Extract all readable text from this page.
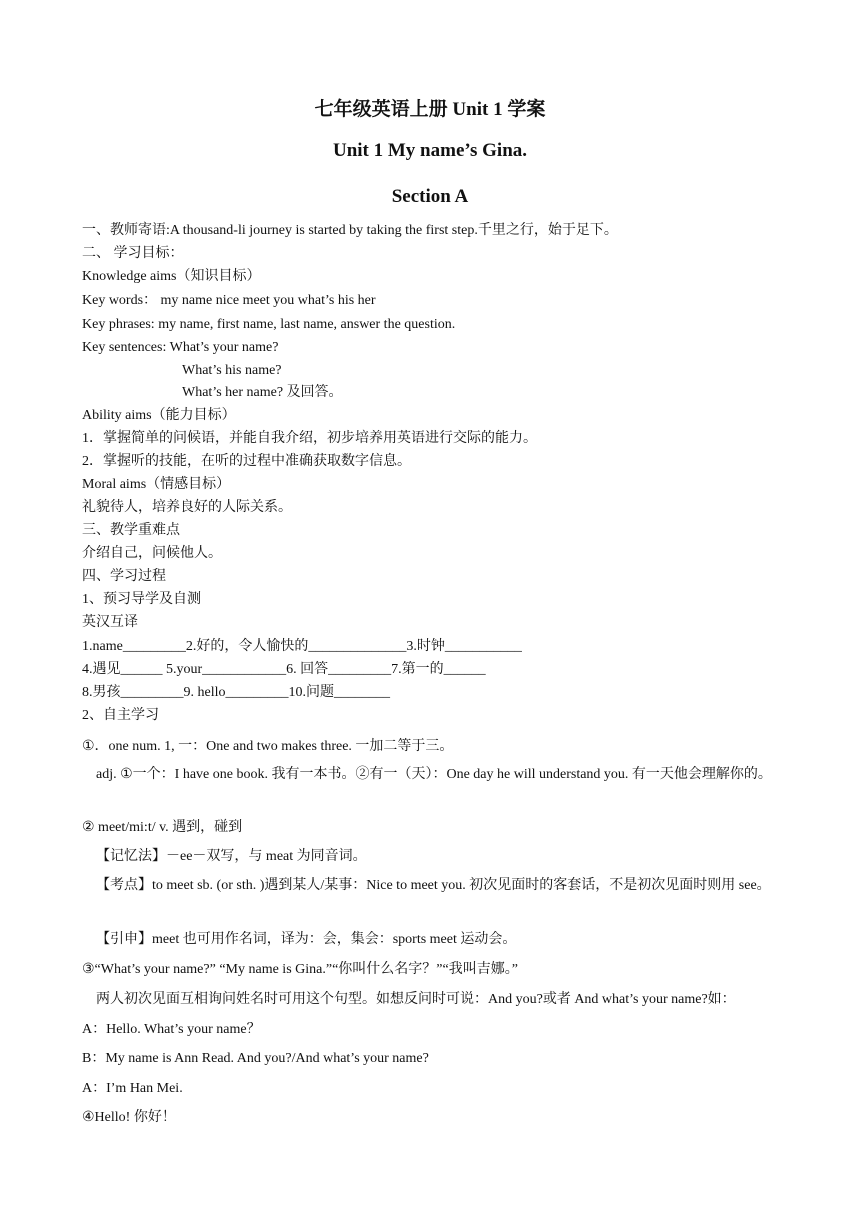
七年级英语上册 Unit 1 学案
Unit 1 My name’s Gina.
Section A
一、教师寄语:A thousand-li journey is started by taking the first step.千里之行，始于足下。
二、 学习目标：
Knowledge aims（知识目标）
Key words： my name nice meet you what’s his her
Key phrases: my name, first name, last name, answer the question.
Key sentences: What’s your name?
What’s his name?
What’s her name? 及回答。
Ability aims（能力目标）
1．掌握简单的问候语，并能自我介绍，初步培养用英语进行交际的能力。
2．掌握听的技能，在听的过程中准确获取数字信息。
Moral aims（情感目标）
礼貌待人，培养良好的人际关系。
三、教学重难点
介绍自己，问候他人。
四、学习过程
1、预习导学及自测
英汉互译
1.name_________2.好的，令人愉快的______________3.时钟___________
4.遇见______ 5.your____________6. 回答_________7.第一的______
8.男孩_________9. hello_________10.问题________
2、自主学习
①．one num. 1, 一：One and two makes three. 一加二等于三。
adj. ①一个：I have one book. 我有一本书。②有一（天）：One day he will understand you. 有一天他会理解你的。
② meet/mi:t/ v. 遇到，碰到
【记忆法】－ee－双写，与 meat 为同音词。
【考点】to meet sb. (or sth. )遇到某人/某事：Nice to meet you. 初次见面时的客套话，不是初次见面时则用 see。
【引申】meet 也可用作名词，译为：会，集会：sports meet 运动会。
③“What’s your name?” “My name is Gina.”“你叫什么名字？”“我叫吉娜。”
两人初次见面互相询问姓名时可用这个句型。如想反问时可说：And you?或者 And what’s your name?如：
A：Hello. What’s your name？
B：My name is Ann Read. And you?/And what’s your name?
A：I’m Han Mei.
④Hello! 你好！
